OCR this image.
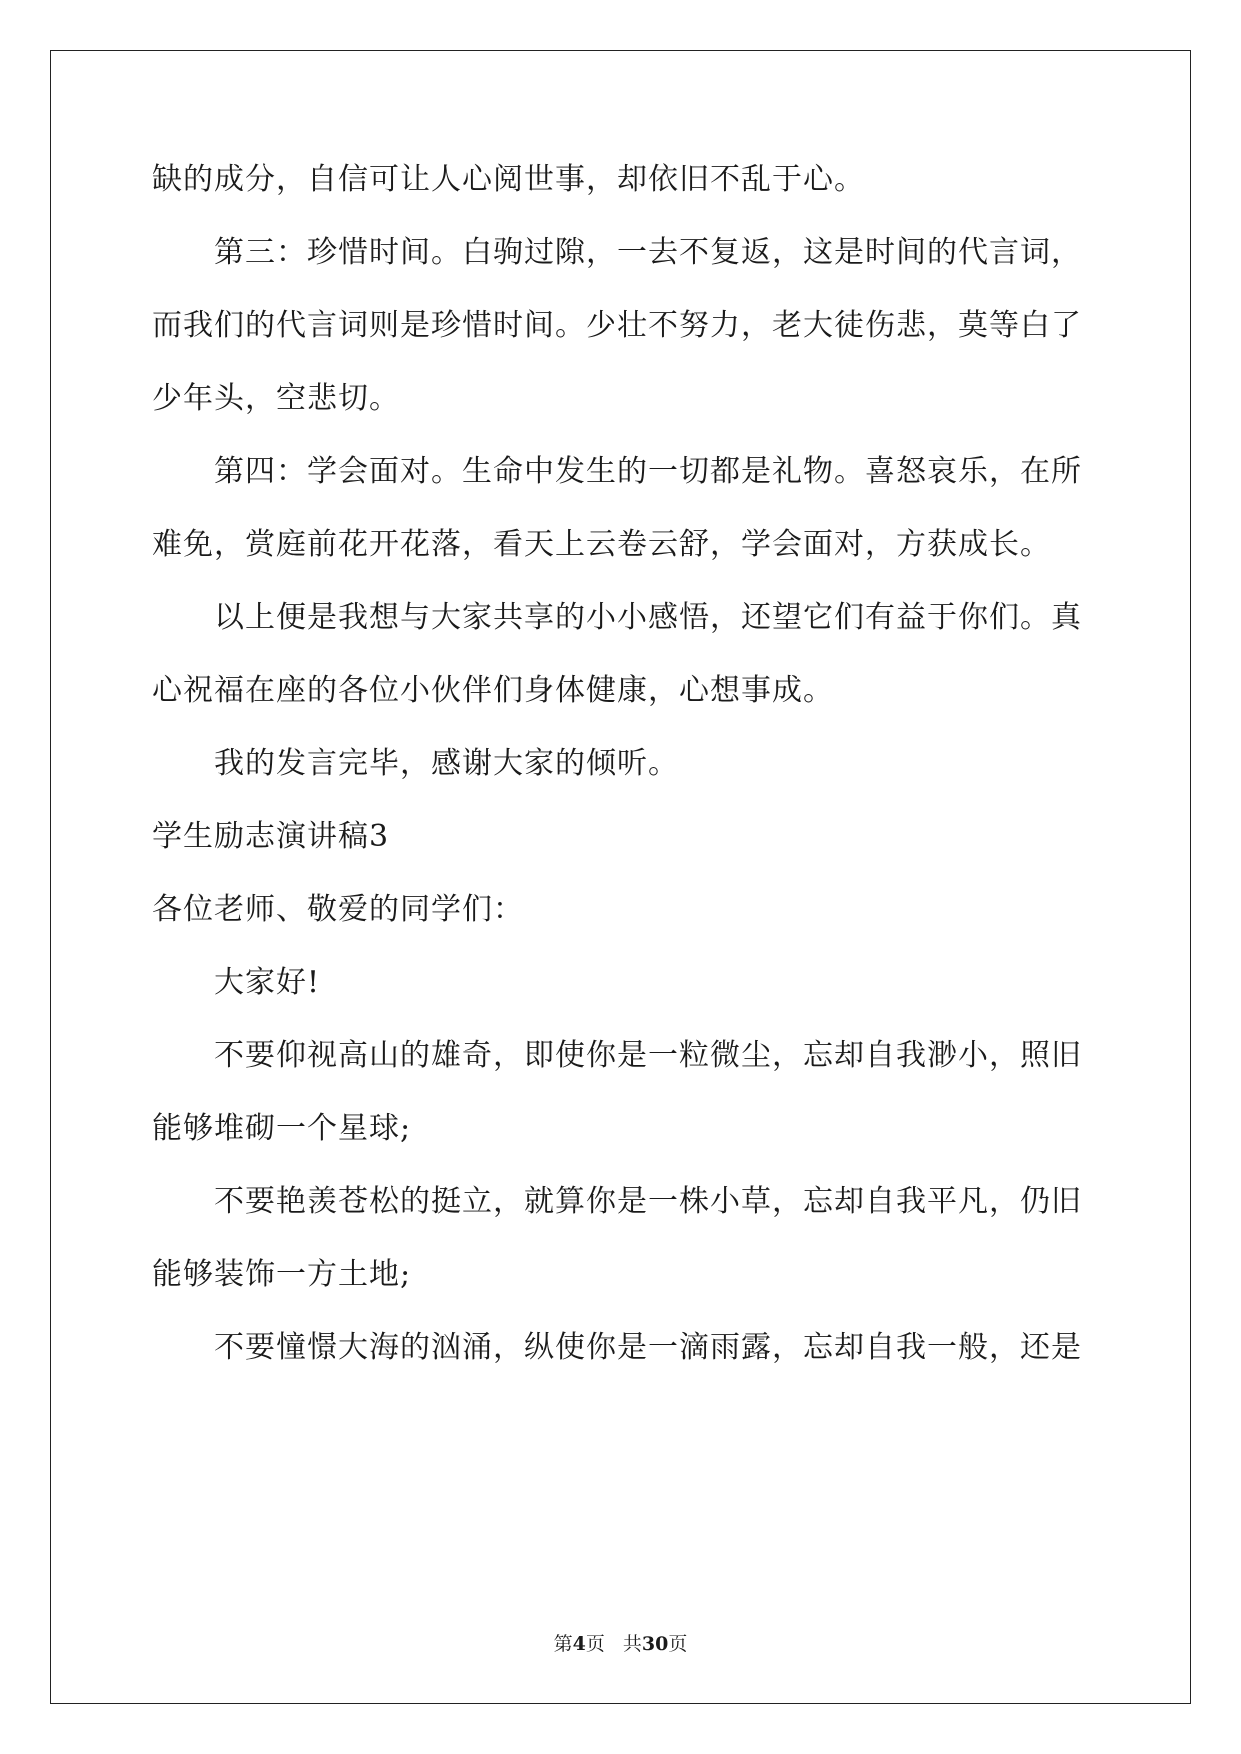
缺的成分，自信可让人心阅世事，却依旧不乱于心。
第三：珍惜时间。白驹过隙，一去不复返，这是时间的代言词，
而我们的代言词则是珍惜时间。少壮不努力，老大徒伤悲，莫等白了
少年头，空悲切。
第四：学会面对。生命中发生的一切都是礼物。喜怒哀乐，在所
难免，赏庭前花开花落，看天上云卷云舒，学会面对，方获成长。
以上便是我想与大家共享的小小感悟，还望它们有益于你们。真
心祝福在座的各位小伙伴们身体健康，心想事成。
我的发言完毕，感谢大家的倾听。
学生励志演讲稿3
各位老师、敬爱的同学们：
大家好!
不要仰视高山的雄奇，即使你是一粒微尘，忘却自我渺小，照旧
能够堆砌一个星球;
不要艳羡苍松的挺立，就算你是一株小草，忘却自我平凡，仍旧
能够装饰一方土地;
不要憧憬大海的汹涌，纵使你是一滴雨露，忘却自我一般，还是
第4页 共30页
